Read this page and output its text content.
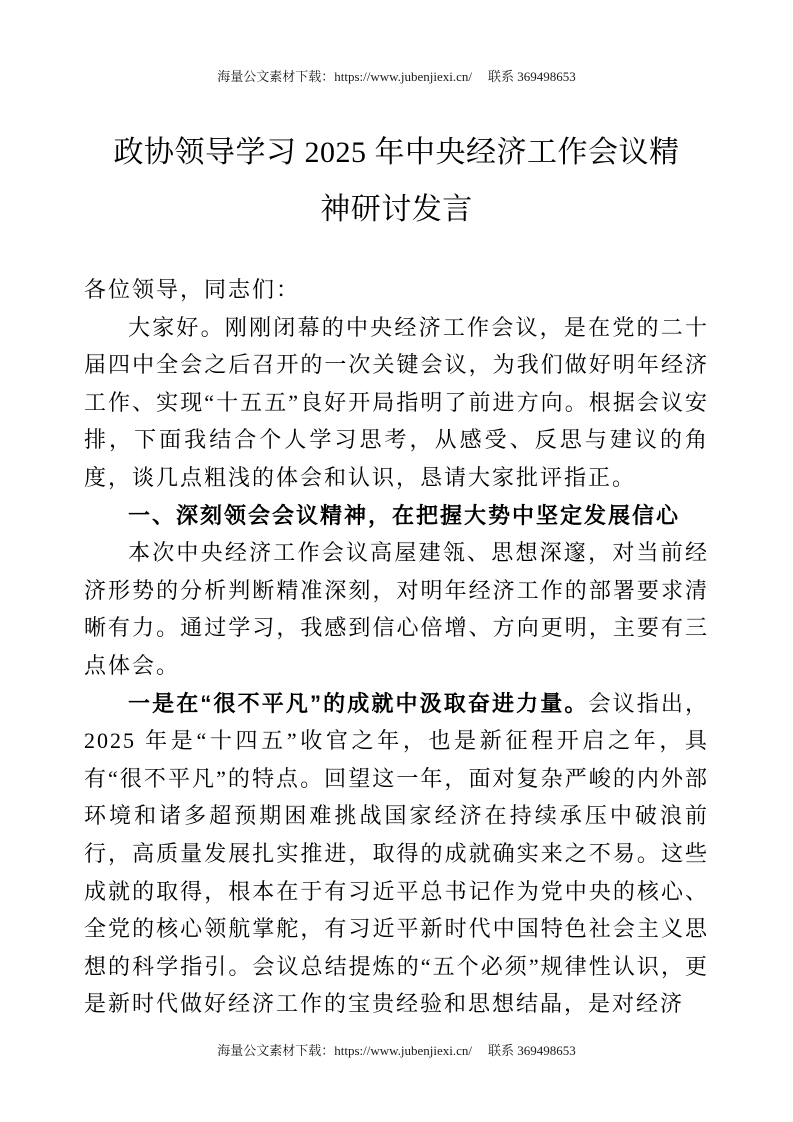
海量公文素材下载：https://www.jubenjiexi.cn/ 联系 369498653
政协领导学习 2025 年中央经济工作会议精
神研讨发言

各位领导，同志们：

大家好。刚刚闭幕的中央经济工作会议，是在党的二十届四中全会之后召开的一次关键会议，为我们做好明年经济工作、实现“十五五”良好开局指明了前进方向。根据会议安排，下面我结合个人学习思考，从感受、反思与建议的角度，谈几点粗浅的体会和认识，恳请大家批评指正。

一、深刻领会会议精神，在把握大势中坚定发展信心

本次中央经济工作会议高屋建瓴、思想深邃，对当前经济形势的分析判断精准深刻，对明年经济工作的部署要求清晰有力。通过学习，我感到信心倍增、方向更明，主要有三点体会。

一是在“很不平凡”的成就中汲取奋进力量。会议指出，2025 年是“十四五”收官之年，也是新征程开启之年，具有“很不平凡”的特点。回望这一年，面对复杂严峻的内外部环境和诸多超预期困难挑战国家经济在持续承压中破浪前行，高质量发展扎实推进，取得的成就确实来之不易。这些成就的取得，根本在于有习近平总书记作为党中央的核心、全党的核心领航掌舵，有习近平新时代中国特色社会主义思想的科学指引。会议总结提炼的“五个必须”规律性认识，更是新时代做好经济工作的宝贵经验和思想结晶，是对经济

海量公文素材下载：https://www.jubenjiexi.cn/ 联系 369498653
